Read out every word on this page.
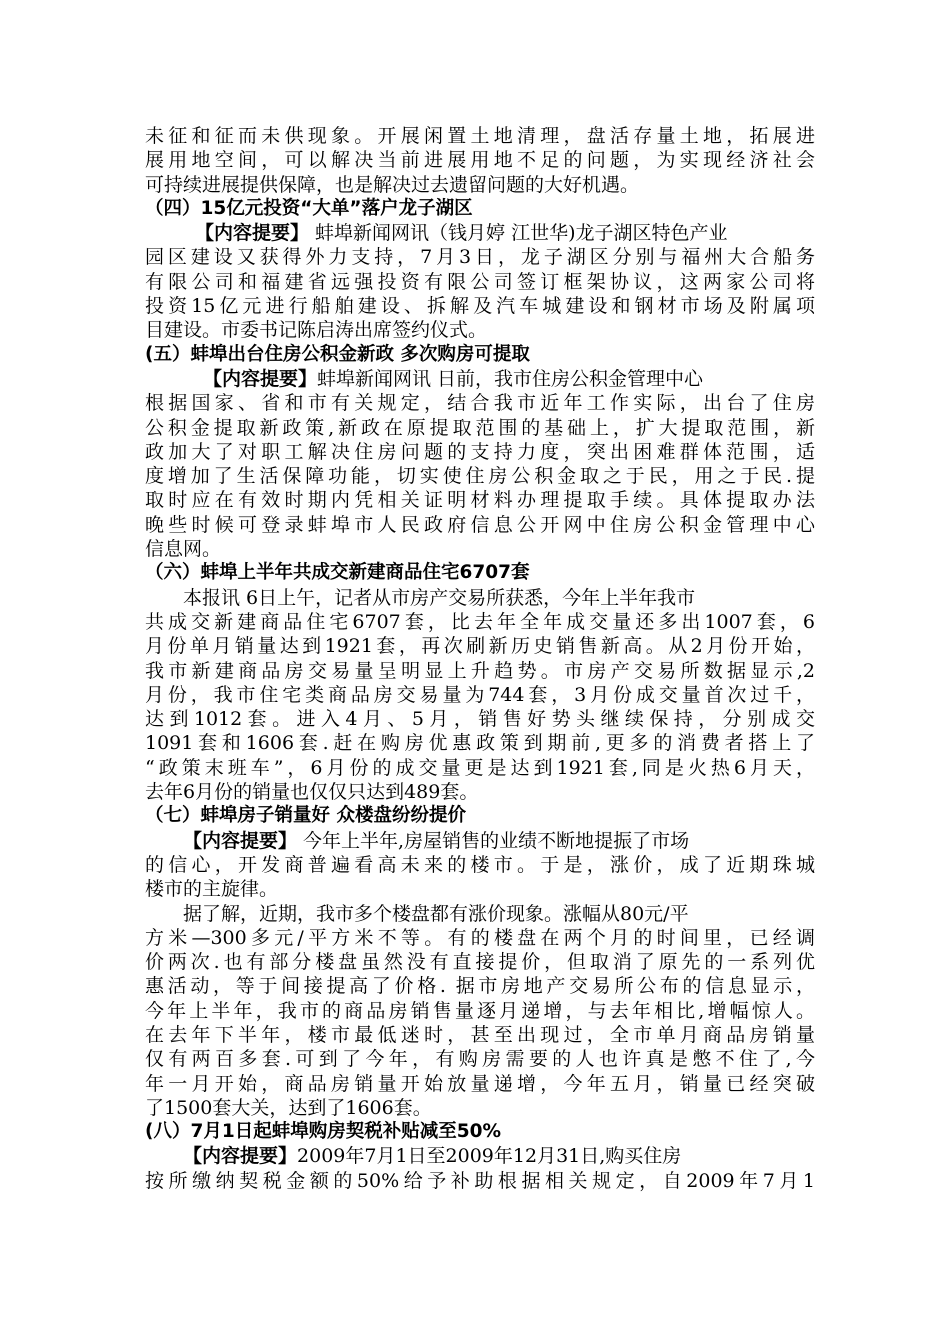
未征和征而未供现象。开展闲置土地清理，盘活存量土地，拓展进
展用地空间，可以解决当前进展用地不足的问题，为实现经济社会
可持续进展提供保障，也是解决过去遗留问题的大好机遇。
（四）15亿元投资“大单”落户龙子湖区
【内容提要】 蚌埠新闻网讯（钱月婷 江世华)龙子湖区特色产业
园区建设又获得外力支持，7月3日，龙子湖区分别与福州大合船务
有限公司和福建省远强投资有限公司签订框架协议，这两家公司将
投资15亿元进行船舶建设、拆解及汽车城建设和钢材市场及附属项
目建设。市委书记陈启涛出席签约仪式。
(五）蚌埠出台住房公积金新政 多次购房可提取
【内容提要】蚌埠新闻网讯 日前，我市住房公积金管理中心
根据国家、省和市有关规定，结合我市近年工作实际，出台了住房
公积金提取新政策,新政在原提取范围的基础上，扩大提取范围，新
政加大了对职工解决住房问题的支持力度，突出困难群体范围，适
度增加了生活保障功能，切实使住房公积金取之于民，用之于民.提
取时应在有效时期内凭相关证明材料办理提取手续。具体提取办法
晚些时候可登录蚌埠市人民政府信息公开网中住房公积金管理中心
信息网。
（六）蚌埠上半年共成交新建商品住宅6707套
本报讯 6日上午，记者从市房产交易所获悉，今年上半年我市
共成交新建商品住宅6707套，比去年全年成交量还多出1007套，6
月份单月销量达到1921套，再次刷新历史销售新高。从2月份开始，
我市新建商品房交易量呈明显上升趋势。市房产交易所数据显示,2
月份，我市住宅类商品房交易量为744套，3月份成交量首次过千，
达到1012套。进入4月、5月，销售好势头继续保持，分别成交
1091套和1606套.赶在购房优惠政策到期前,更多的消费者搭上了
“政策末班车”，6月份的成交量更是达到1921套,同是火热6月天，
去年6月份的销量也仅仅只达到489套。
（七）蚌埠房子销量好 众楼盘纷纷提价
【内容提要】 今年上半年,房屋销售的业绩不断地提振了市场
的信心，开发商普遍看高未来的楼市。于是，涨价，成了近期珠城
楼市的主旋律。
据了解，近期，我市多个楼盘都有涨价现象。涨幅从80元/平
方米—300多元/平方米不等。有的楼盘在两个月的时间里，已经调
价两次.也有部分楼盘虽然没有直接提价，但取消了原先的一系列优
惠活动，等于间接提高了价格. 据市房地产交易所公布的信息显示，
今年上半年，我市的商品房销售量逐月递增，与去年相比,增幅惊人。
在去年下半年，楼市最低迷时，甚至出现过，全市单月商品房销量
仅有两百多套.可到了今年，有购房需要的人也许真是憋不住了,今
年一月开始，商品房销量开始放量递增，今年五月，销量已经突破
了1500套大关，达到了1606套。
(八）7月1日起蚌埠购房契税补贴减至50%
【内容提要】2009年7月1日至2009年12月31日,购买住房
按所缴纳契税金额的50%给予补助根据相关规定，自2009年7月1
